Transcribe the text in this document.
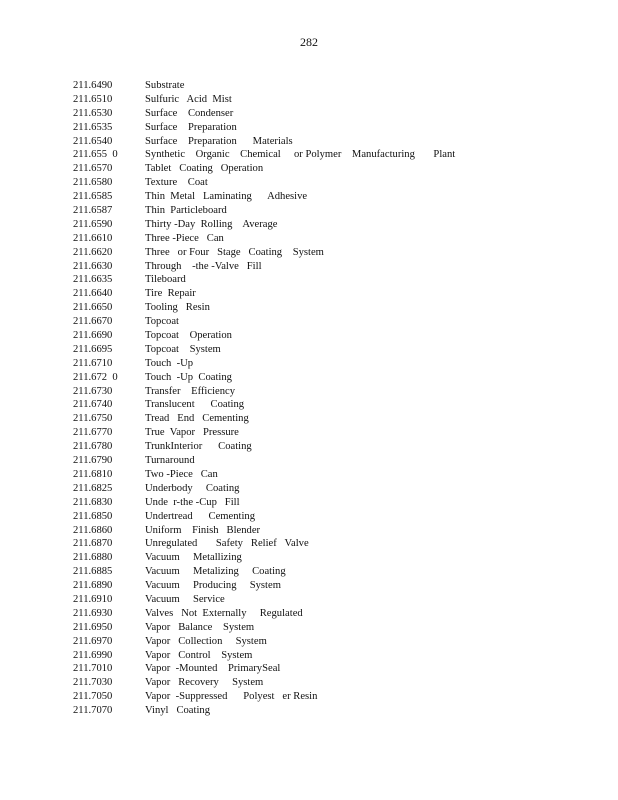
282
211.6490	Substrate
211.6510	Sulfuric   Acid  Mist
211.6530	Surface    Condenser
211.6535	Surface    Preparation
211.6540	Surface    Preparation      Materials
211.655  0	Synthetic    Organic    Chemical     or Polymer    Manufacturing       Plant
211.6570	Tablet   Coating   Operation
211.6580	Texture    Coat
211.6585	Thin  Metal   Laminating      Adhesive
211.6587	Thin  Particleboard
211.6590	Thirty -Day  Rolling    Average
211.6610	Three -Piece   Can
211.6620	Three   or Four   Stage   Coating    System
211.6630	Through    -the -Valve   Fill
211.6635	Tileboard
211.6640	Tire  Repair
211.6650	Tooling   Resin
211.6670	Topcoat
211.6690	Topcoat    Operation
211.6695	Topcoat    System
211.6710	Touch  -Up
211.672  0	Touch  -Up  Coating
211.6730	Transfer    Efficiency
211.6740	Translucent      Coating
211.6750	Tread   End   Cementing
211.6770	True  Vapor   Pressure
211.6780	TrunkInterior      Coating
211.6790	Turnaround
211.6810	Two -Piece   Can
211.6825	Underbody     Coating
211.6830	Unde  r-the -Cup   Fill
211.6850	Undertread      Cementing
211.6860	Uniform    Finish   Blender
211.6870	Unregulated       Safety   Relief   Valve
211.6880	Vacuum     Metallizing
211.6885	Vacuum     Metalizing     Coating
211.6890	Vacuum     Producing     System
211.6910	Vacuum     Service
211.6930	Valves   Not  Externally     Regulated
211.6950	Vapor   Balance    System
211.6970	Vapor   Collection     System
211.6990	Vapor   Control    System
211.7010	Vapor  -Mounted    PrimarySeal
211.7030	Vapor   Recovery     System
211.7050	Vapor  -Suppressed      Polyest   er Resin
211.7070	Vinyl   Coating
